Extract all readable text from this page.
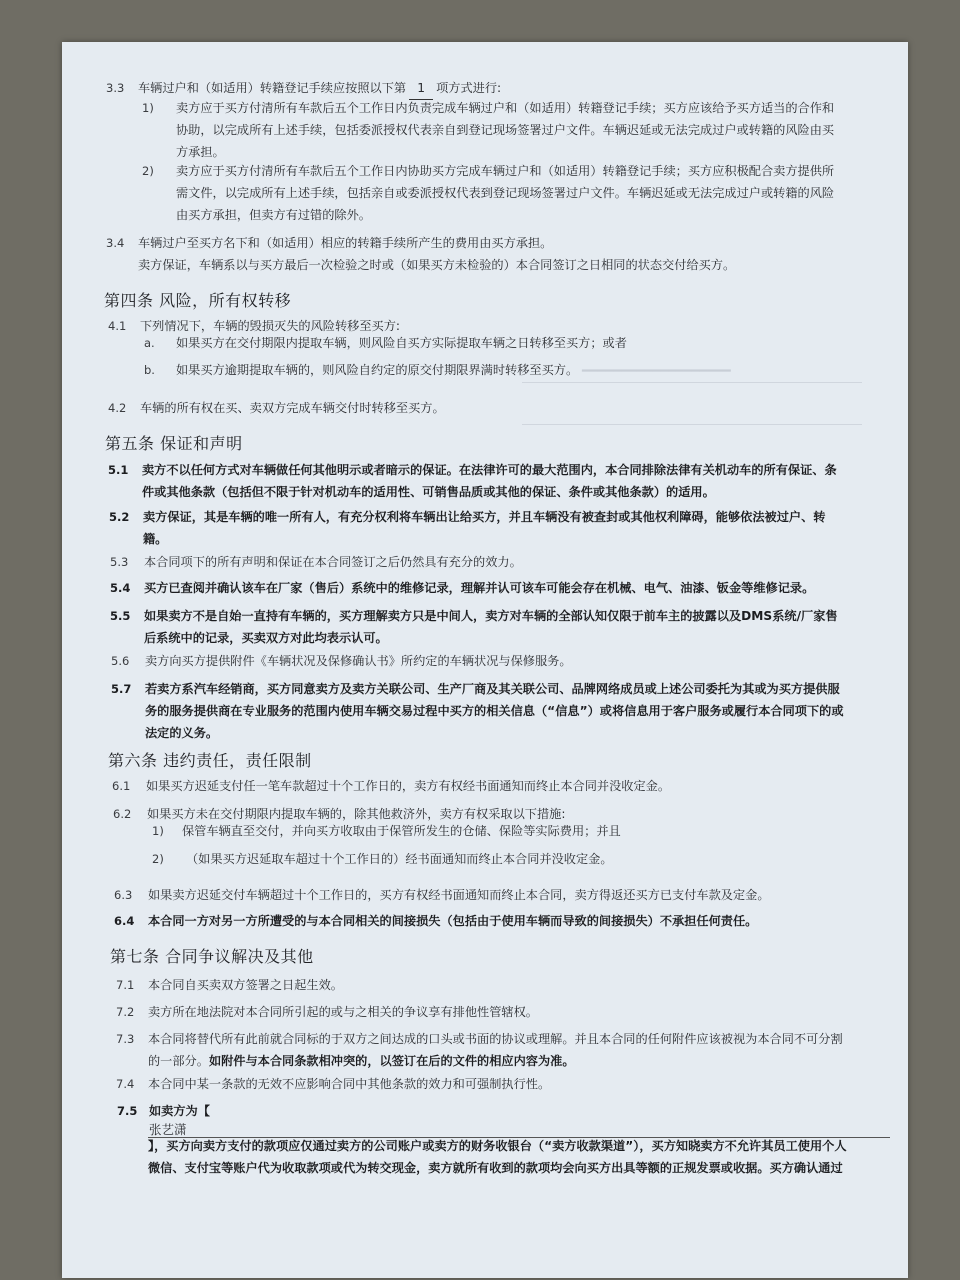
━━━━━━━━━━━━━━━━━━━
3.3 车辆过户和（如适用）转籍登记手续应按照以下第 1 项方式进行:
1) 卖方应于买方付清所有车款后五个工作日内负责完成车辆过户和（如适用）转籍登记手续；买方应该给予买方适当的合作和
协助，以完成所有上述手续，包括委派授权代表亲自到登记现场签署过户文件。车辆迟延或无法完成过户或转籍的风险由买
方承担。
2) 卖方应于买方付清所有车款后五个工作日内协助买方完成车辆过户和（如适用）转籍登记手续；买方应积极配合卖方提供所
需文件，以完成所有上述手续，包括亲自或委派授权代表到登记现场签署过户文件。车辆迟延或无法完成过户或转籍的风险
由买方承担，但卖方有过错的除外。
3.4 车辆过户至买方名下和（如适用）相应的转籍手续所产生的费用由买方承担。
卖方保证，车辆系以与买方最后一次检验之时或（如果买方未检验的）本合同签订之日相同的状态交付给买方。
第四条 风险，所有权转移
4.1 下列情况下，车辆的毁损灭失的风险转移至买方:
a. 如果买方在交付期限内提取车辆，则风险自买方实际提取车辆之日转移至买方；或者
b. 如果买方逾期提取车辆的，则风险自约定的原交付期限界满时转移至买方。
4.2 车辆的所有权在买、卖双方完成车辆交付时转移至买方。
第五条 保证和声明
5.1 卖方不以任何方式对车辆做任何其他明示或者暗示的保证。在法律许可的最大范围内，本合同排除法律有关机动车的所有保证、条
件或其他条款（包括但不限于针对机动车的适用性、可销售品质或其他的保证、条件或其他条款）的适用。
5.2 卖方保证，其是车辆的唯一所有人，有充分权利将车辆出让给买方，并且车辆没有被查封或其他权利障碍，能够依法被过户、转
籍。
5.3 本合同项下的所有声明和保证在本合同签订之后仍然具有充分的效力。
5.4 买方已查阅并确认该车在厂家（售后）系统中的维修记录，理解并认可该车可能会存在机械、电气、油漆、钣金等维修记录。
5.5 如果卖方不是自始一直持有车辆的，买方理解卖方只是中间人，卖方对车辆的全部认知仅限于前车主的披露以及DMS系统/厂家售
后系统中的记录，买卖双方对此均表示认可。
5.6 卖方向买方提供附件《车辆状况及保修确认书》所约定的车辆状况与保修服务。
5.7 若卖方系汽车经销商，买方同意卖方及卖方关联公司、生产厂商及其关联公司、品牌网络成员或上述公司委托为其或为买方提供服
务的服务提供商在专业服务的范围内使用车辆交易过程中买方的相关信息（“信息”）或将信息用于客户服务或履行本合同项下的或
法定的义务。
第六条 违约责任，责任限制
6.1 如果买方迟延支付任一笔车款超过十个工作日的，卖方有权经书面通知而终止本合同并没收定金。
6.2 如果买方未在交付期限内提取车辆的，除其他救济外，卖方有权采取以下措施:
1) 保管车辆直至交付，并向买方收取由于保管所发生的仓储、保险等实际费用；并且
2) （如果买方迟延取车超过十个工作日的）经书面通知而终止本合同并没收定金。
6.3 如果卖方迟延交付车辆超过十个工作日的，买方有权经书面通知而终止本合同，卖方得返还买方已支付车款及定金。
6.4 本合同一方对另一方所遭受的与本合同相关的间接损失（包括由于使用车辆而导致的间接损失）不承担任何责任。
第七条 合同争议解决及其他
7.1 本合同自买卖双方签署之日起生效。
7.2 卖方所在地法院对本合同所引起的或与之相关的争议享有排他性管辖权。
7.3 本合同将替代所有此前就合同标的于双方之间达成的口头或书面的协议或理解。并且本合同的任何附件应该被视为本合同不可分割
的一部分。如附件与本合同条款相冲突的，以签订在后的文件的相应内容为准。
7.4 本合同中某一条款的无效不应影响合同中其他条款的效力和可强制执行性。
7.5 如卖方为【
张艺潇
】，买方向卖方支付的款项应仅通过卖方的公司账户或卖方的财务收银台（“卖方收款渠道”），买方知晓卖方不允许其员工使用个人
微信、支付宝等账户代为收取款项或代为转交现金，卖方就所有收到的款项均会向买方出具等额的正规发票或收据。买方确认通过
